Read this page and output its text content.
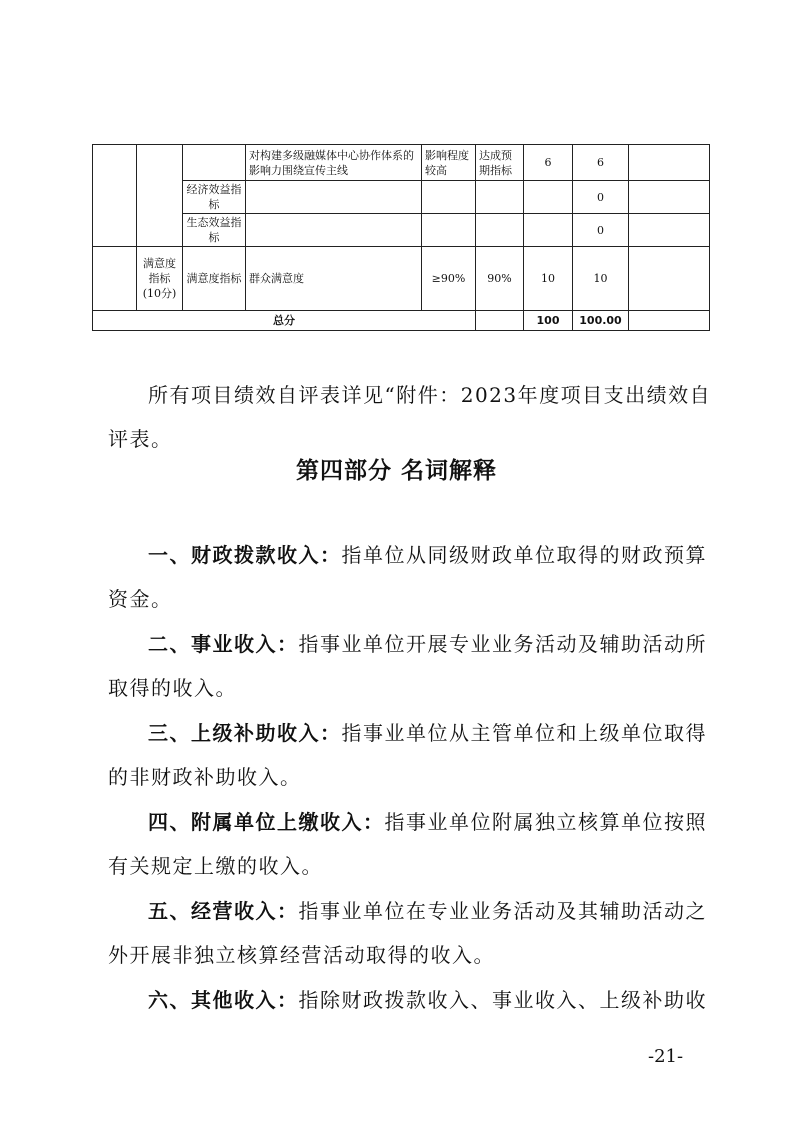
			对构建多级融媒体中心协作体系的影响力围绕宣传主线	影响程度较高	达成预期指标	6	6	
		经济效益指标					0	
		生态效益指标					0	
	满意度指标(10分)	满意度指标	群众满意度	≥90%	90%	10	10	
总分						100	100.00	

所有项目绩效自评表详见“附件：2023年度项目支出绩效自

评表。

第四部分 名词解释

一、财政拨款收入：指单位从同级财政单位取得的财政预算

资金。

二、事业收入：指事业单位开展专业业务活动及辅助活动所

取得的收入。

三、上级补助收入：指事业单位从主管单位和上级单位取得

的非财政补助收入。

四、附属单位上缴收入：指事业单位附属独立核算单位按照

有关规定上缴的收入。

五、经营收入：指事业单位在专业业务活动及其辅助活动之

外开展非独立核算经营活动取得的收入。

六、其他收入：指除财政拨款收入、事业收入、上级补助收

-21-
